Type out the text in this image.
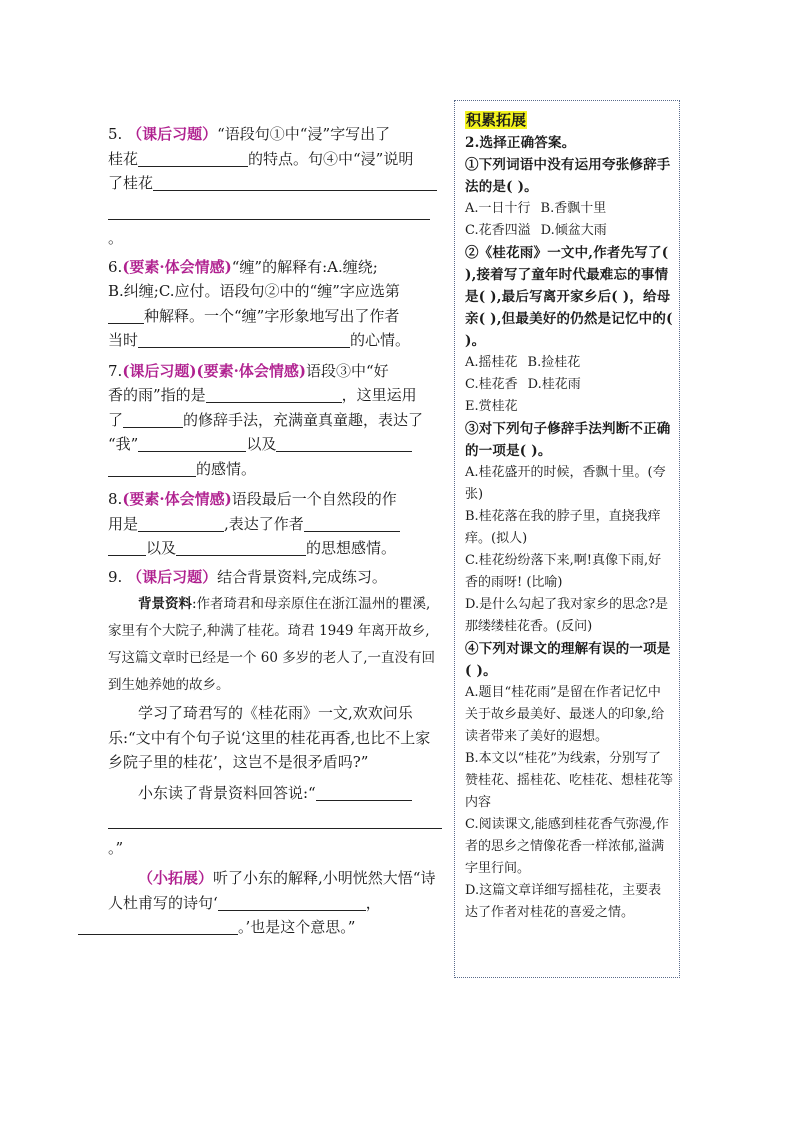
5. （课后习题）“语段句①中“浸”字写出了
桂花	的特点。句④中“浸”说明
了桂花

。

6.(要素·体会情感)“缠”的解释有:A.缠绕;
B.纠缠;C.应付。语段句②中的“缠”字应选第
种解释。一个“缠”字形象地写出了作者
当时	的心情。

7.(课后习题)(要素·体会情感)语段③中“好
香的雨”指的是	，这里运用
了	的修辞手法，充满童真童趣，表达了
“我”	以及
的感情。

8.(要素·体会情感)语段最后一个自然段的作
用是	,表达了作者
以及	的思想感情。

9. （课后习题）结合背景资料,完成练习。

背景资料:作者琦君和母亲原住在浙江温州的瞿溪,家里有个大院子,种满了桂花。琦君 1949 年离开故乡,写这篇文章时已经是一个 60 多岁的老人了,一直没有回到生她养她的故乡。

学习了琦君写的《桂花雨》一文,欢欢问乐乐:“文中有个句子说‘这里的桂花再香,也比不上家乡院子里的桂花’，这岂不是很矛盾吗?”

小东读了背景资料回答说:“

。”

（小拓展）听了小东的解释,小明恍然大悟“诗人杜甫写的诗句‘	，
。’也是这个意思。”

积累拓展

2.选择正确答案。

①下列词语中没有运用夸张修辞手法的是( )。

A.一日十行 B.香飘十里

C.花香四溢 D.倾盆大雨

②《桂花雨》一文中,作者先写了( ),接着写了童年时代最难忘的事情是( ),最后写离开家乡后( )，给母亲( ),但最美好的仍然是记忆中的( )。

A.摇桂花 B.捡桂花

C.桂花香 D.桂花雨

E.赏桂花

③对下列句子修辞手法判断不正确的一项是( )。

A.桂花盛开的时候，香飘十里。(夸张)

B.桂花落在我的脖子里，直挠我痒痒。(拟人)

C.桂花纷纷落下来,啊!真像下雨,好香的雨呀! (比喻)

D.是什么勾起了我对家乡的思念?是那缕缕桂花香。(反问)

④下列对课文的理解有误的一项是( )。

A.题目“桂花雨”是留在作者记忆中关于故乡最美好、最迷人的印象,给读者带来了美好的遐想。

B.本文以“桂花”为线索，分别写了赞桂花、摇桂花、吃桂花、想桂花等内容

C.阅读课文,能感到桂花香气弥漫,作者的思乡之情像花香一样浓郁,溢满字里行间。

D.这篇文章详细写摇桂花，主要表达了作者对桂花的喜爱之情。
